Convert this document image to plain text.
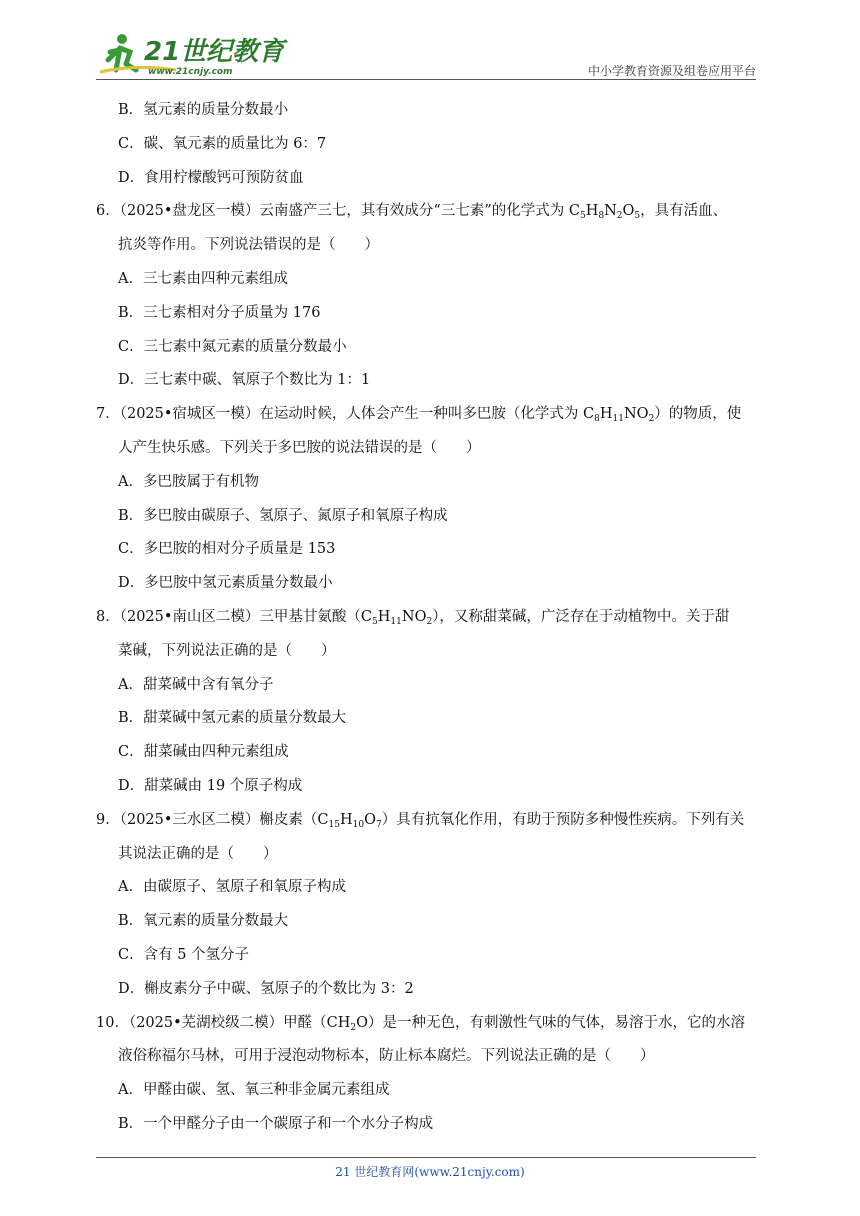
21世纪教育
www.21cnjy.com	中小学教育资源及组卷应用平台
B．氢元素的质量分数最小
C．碳、氧元素的质量比为 6：7
D．食用柠檬酸钙可预防贫血
6．（2025•盘龙区一模）云南盛产三七，其有效成分“三七素”的化学式为 $C_5H_8N_2O_5$，具有活血、
抗炎等作用。下列说法错误的是（　　）
A．三七素由四种元素组成
B．三七素相对分子质量为 176
C．三七素中氮元素的质量分数最小
D．三七素中碳、氧原子个数比为 1：1
7．（2025•宿城区一模）在运动时候，人体会产生一种叫多巴胺（化学式为 $C_8H_{11}NO_2$）的物质，使
人产生快乐感。下列关于多巴胺的说法错误的是（　　）
A．多巴胺属于有机物
B．多巴胺由碳原子、氢原子、氮原子和氧原子构成
C．多巴胺的相对分子质量是 153
D．多巴胺中氢元素质量分数最小
8．（2025•南山区二模）三甲基甘氨酸$(C_5H_{11}NO_2)$，又称甜菜碱，广泛存在于动植物中。关于甜
菜碱，下列说法正确的是（　　）
A．甜菜碱中含有氧分子
B．甜菜碱中氢元素的质量分数最大
C．甜菜碱由四种元素组成
D．甜菜碱由 19 个原子构成
9．（2025•三水区二模）槲皮素$(C_{15}H_{10}O_7)$具有抗氧化作用，有助于预防多种慢性疾病。下列有关
其说法正确的是（　　）
A．由碳原子、氢原子和氧原子构成
B．氧元素的质量分数最大
C．含有 5 个氢分子
D．槲皮素分子中碳、氢原子的个数比为 3：2
10．（2025•芜湖校级二模）甲醛$(CH_2O)$是一种无色，有刺激性气味的气体，易溶于水，它的水溶
液俗称福尔马林，可用于浸泡动物标本，防止标本腐烂。下列说法正确的是（　　）
A．甲醛由碳、氢、氧三种非金属元素组成
B．一个甲醛分子由一个碳原子和一个水分子构成
21 世纪教育网(www.21cnjy.com)
